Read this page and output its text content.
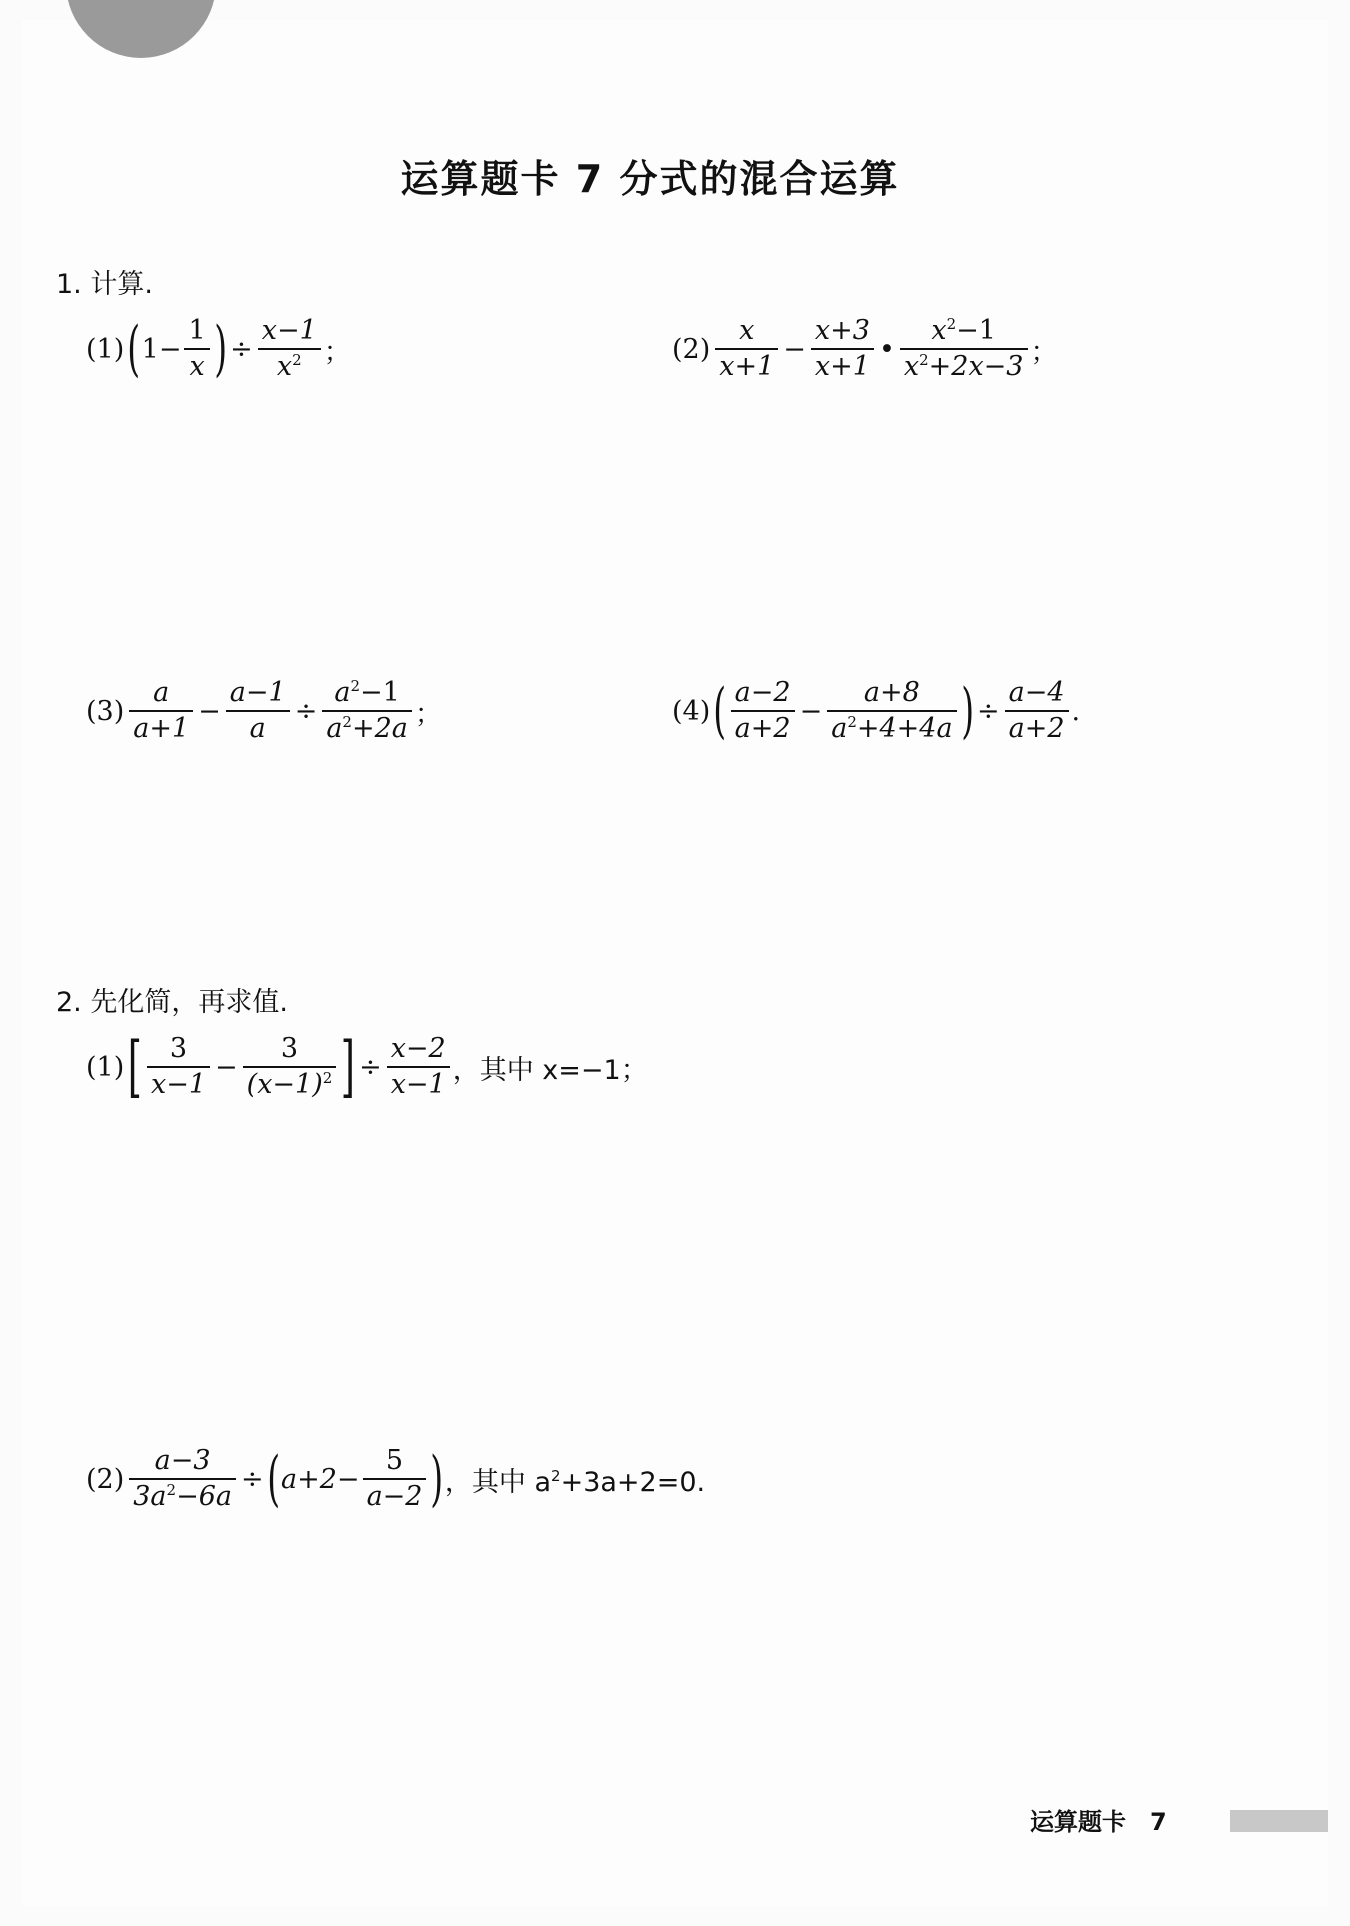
运算题卡 7 分式的混合运算
1. 计算.
(1) ( $1- \frac{1}{x}$ ) ÷ $\frac{x-1}{x^2}$ ；	$(2) \frac{x}{x+1} - \frac{x+3}{x+1}$ • $\frac{x^2-1}{x^2+2x-3}$ ；
$(3) \frac{a}{a+1} - \frac{a-1}{a} \div \frac{a^2-1}{a^2+2a}$ ；	(4) ( $\frac{a-2}{a+2} - \frac{a+8}{a^2+4+4a}$ ) ÷ $\frac{a-4}{a+2}$ .
2. 先化简，再求值.
(1) [ $\frac{3}{x-1} - \frac{3}{(x-1)^2}$ ] ÷ $\frac{x-2}{x-1}$ ，其中 x=−1；
$(2) \frac{a-3}{3a^2-6a}$ ÷ ( $a+2- \frac{5}{a-2}$ ) ，其中 $a^2+3a+2=0$.
运算题卡 7
